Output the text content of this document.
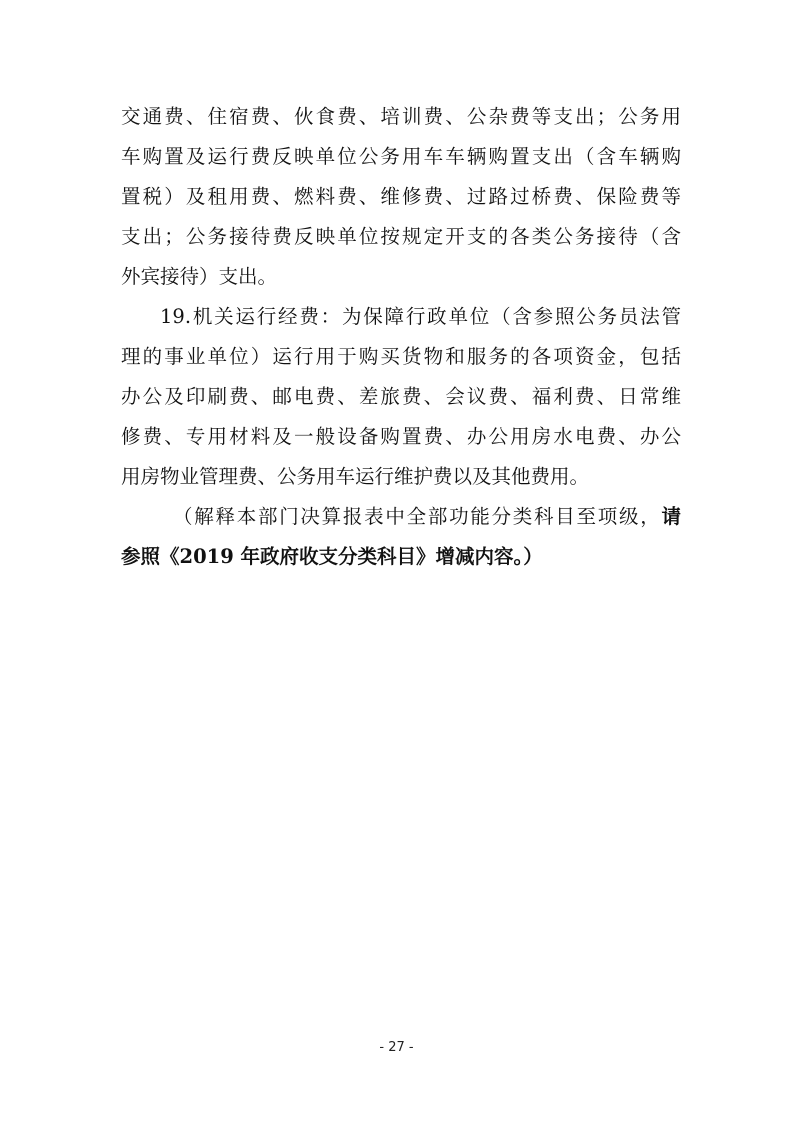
交通费、住宿费、伙食费、培训费、公杂费等支出；公务用
车购置及运行费反映单位公务用车车辆购置支出（含车辆购
置税）及租用费、燃料费、维修费、过路过桥费、保险费等
支出；公务接待费反映单位按规定开支的各类公务接待（含
外宾接待）支出。
19.机关运行经费：为保障行政单位（含参照公务员法管
理的事业单位）运行用于购买货物和服务的各项资金，包括
办公及印刷费、邮电费、差旅费、会议费、福利费、日常维
修费、专用材料及一般设备购置费、办公用房水电费、办公
用房物业管理费、公务用车运行维护费以及其他费用。
（解释本部门决算报表中全部功能分类科目至项级，请
参照《2019 年政府收支分类科目》增减内容。）
- 27 -
